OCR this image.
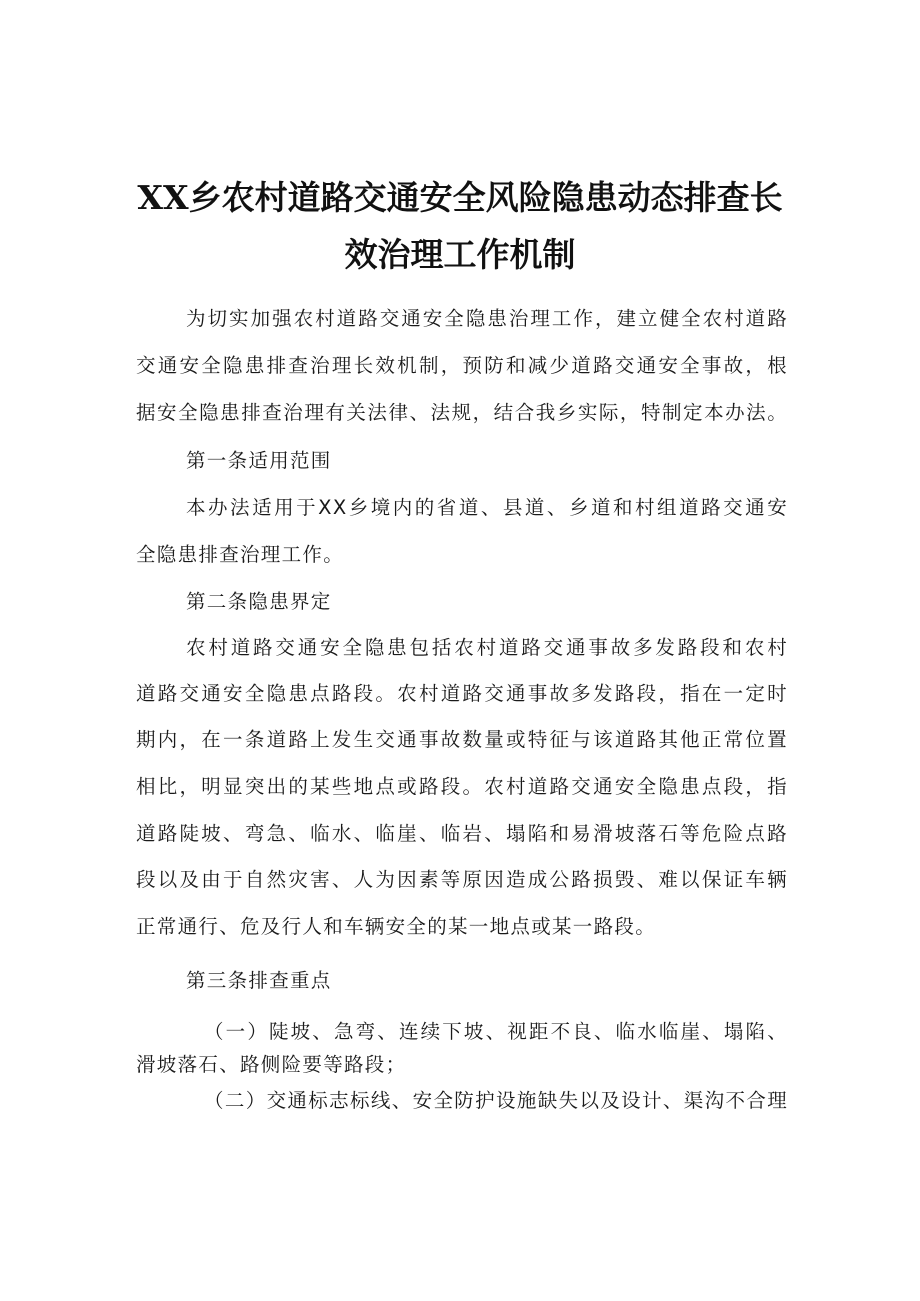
XX乡农村道路交通安全风险隐患动态排查长
效治理工作机制
为切实加强农村道路交通安全隐患治理工作，建立健全农村道路
交通安全隐患排查治理长效机制，预防和减少道路交通安全事故，根
据安全隐患排查治理有关法律、法规，结合我乡实际，特制定本办法。
第一条适用范围
本办法适用于XX乡境内的省道、县道、乡道和村组道路交通安
全隐患排查治理工作。
第二条隐患界定
农村道路交通安全隐患包括农村道路交通事故多发路段和农村
道路交通安全隐患点路段。农村道路交通事故多发路段，指在一定时
期内，在一条道路上发生交通事故数量或特征与该道路其他正常位置
相比，明显突出的某些地点或路段。农村道路交通安全隐患点段，指
道路陡坡、弯急、临水、临崖、临岩、塌陷和易滑坡落石等危险点路
段以及由于自然灾害、人为因素等原因造成公路损毁、难以保证车辆
正常通行、危及行人和车辆安全的某一地点或某一路段。
第三条排查重点
（一）陡坡、急弯、连续下坡、视距不良、临水临崖、塌陷、
滑坡落石、路侧险要等路段；
（二）交通标志标线、安全防护设施缺失以及设计、渠沟不合理
